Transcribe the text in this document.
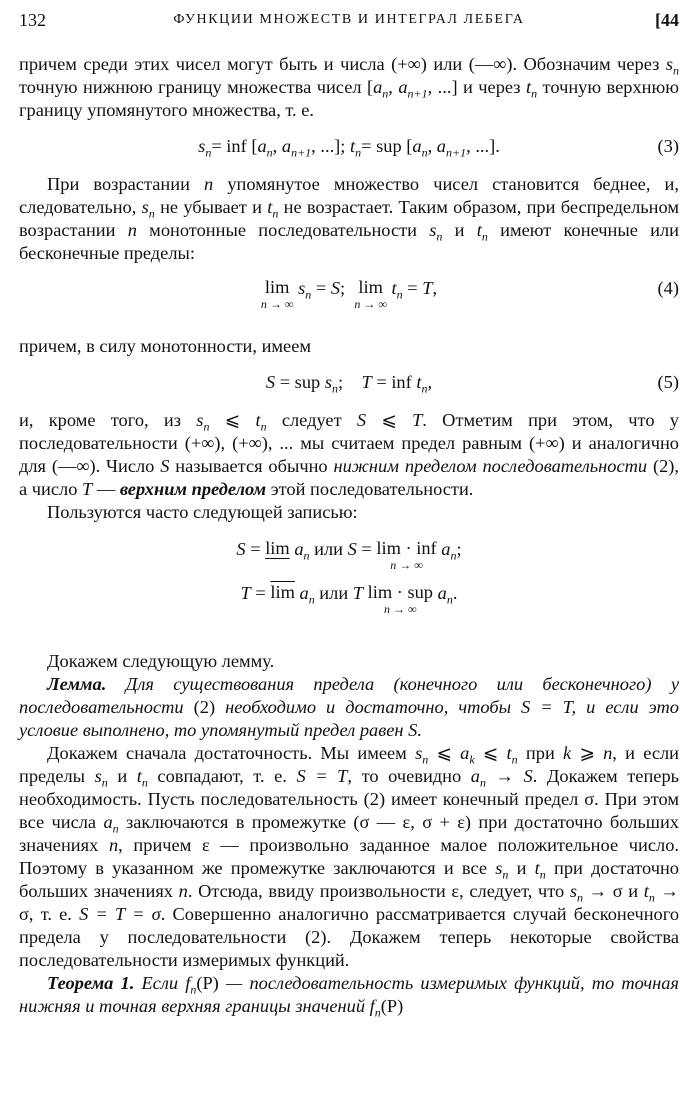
132	ФУНКЦИИ МНОЖЕСТВ И ИНТЕГРАЛ ЛЕБЕГА	[44

причем среди этих чисел могут быть и числа (+∞) или (—∞). Обозначим через $s_n$ точную нижнюю границу множества чисел [$a_n$, $a_{n+1}$, ...] и через $t_n$ точную верхнюю границу упомянутого множества, т. е.

$s_n=$ inf [$a_n$, $a_{n+1}$, ...]; $t_n=$ sup [$a_n$, $a_{n+1}$, ...].	(3)

При возрастании n упомянутое множество чисел становится беднее, и, следовательно, $s_n$ не убывает и $t_n$ не возрастает. Таким образом, при беспредельном возрастании n монотонные последовательности $s_n$ и $t_n$ имеют конечные или бесконечные пределы:

lim
n → ∞
$s_n = S$;  lim
n → ∞
$t_n = T$,	(4)

причем, в силу монотонности, имеем

S = sup $s_n$; T = inf $t_n$,	(5)

и, кроме того, из $s_n$ ⩽ $t_n$ следует S ⩽ T. Отметим при этом, что у последовательности (+∞), (+∞), ... мы считаем предел равным (+∞) и аналогично для (—∞). Число S называется обычно нижним пределом последовательности (2), а число T — верхним пределом этой последовательности.

Пользуются часто следующей записью:

S = lim
$a_n$ или S = lim · inf
n → ∞
$a_n$;
$T = \overline{lim}$
$a_n$ или T lim · sup
n → ∞
$a_n$.

Докажем следующую лемму.

Лемма. Для существования предела (конечного или бесконечного) у последовательности (2) необходимо и достаточно, чтобы S = T, и если это условие выполнено, то упомянутый предел равен S.

Докажем сначала достаточность. Мы имеем $s_n$ ⩽ $a_k$ ⩽ $t_n$ при k ⩾ n, и если пределы $s_n$ и $t_n$ совпадают, т. е. S = T, то очевидно $a_n \to S$. Докажем теперь необходимость. Пусть последовательность (2) имеет конечный предел σ. При этом все числа $a_n$ заключаются в промежутке (σ — ε, σ + ε) при достаточно больших значениях n, причем ε — произвольно заданное малое положительное число. Поэтому в указанном же промежутке заключаются и все $s_n$ и $t_n$ при достаточно больших значениях n. Отсюда, ввиду произвольности ε, следует, что $s_n \to \sigma$ и $t_n \to \sigma$, т. е. S = T = σ. Совершенно аналогично рассматривается случай бесконечного предела у последовательности (2). Докажем теперь некоторые свойства последовательности измеримых функций.

Теорема 1. Если $f_n(P)$ — последовательность измеримых функций, то точная нижняя и точная верхняя границы значений $f_n(P)$
